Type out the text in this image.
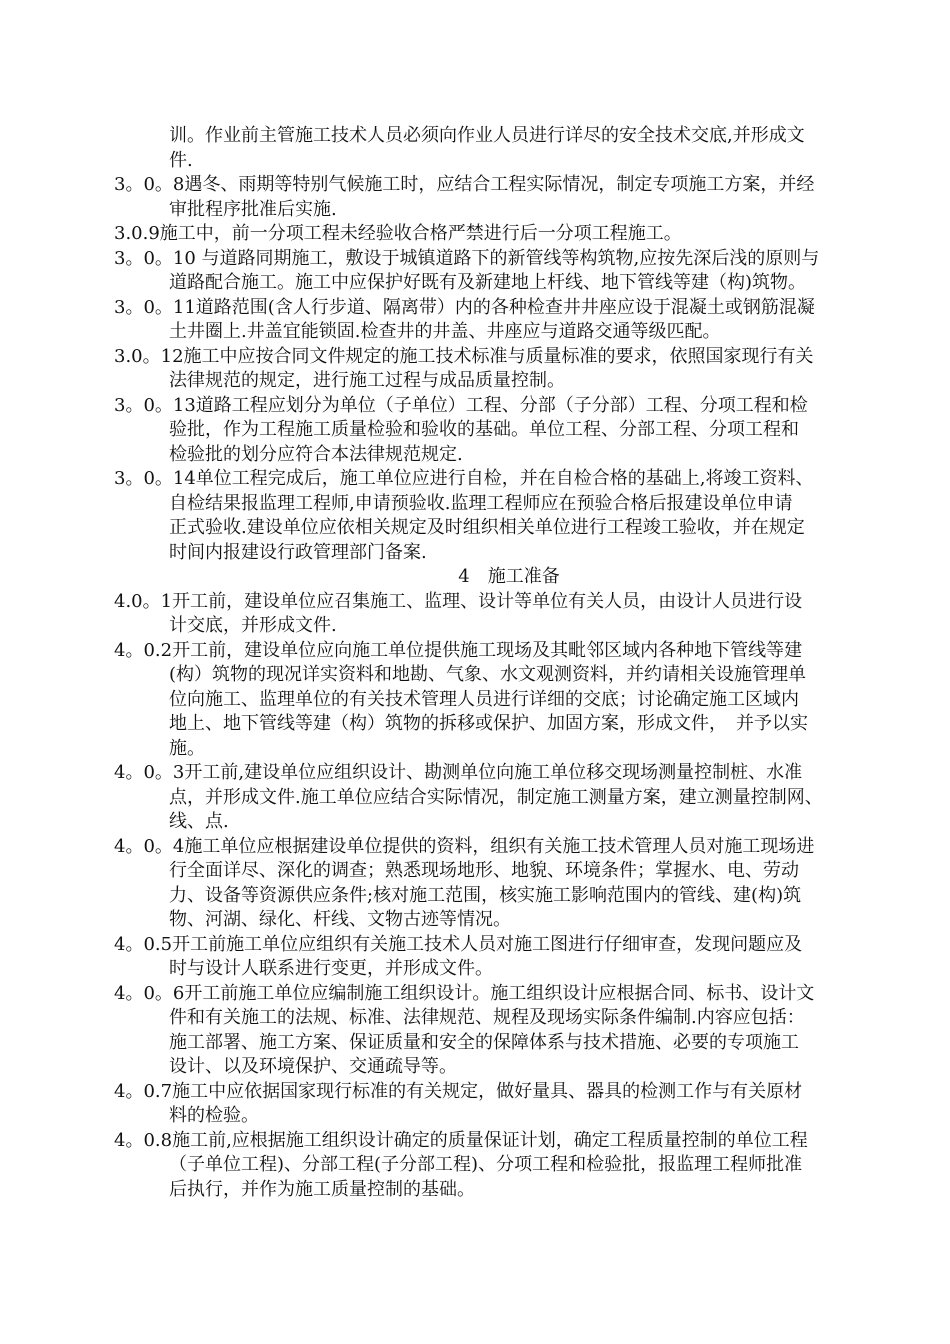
训。作业前主管施工技术人员必须向作业人员进行详尽的安全技术交底,并形成文
件.
3。0。8遇冬、雨期等特别气候施工时，应结合工程实际情况，制定专项施工方案，并经
审批程序批准后实施.
3.0.9施工中，前一分项工程未经验收合格严禁进行后一分项工程施工。
3。0。10 与道路同期施工，敷设于城镇道路下的新管线等构筑物,应按先深后浅的原则与
道路配合施工。施工中应保护好既有及新建地上杆线、地下管线等建（构)筑物。
3。0。11道路范围(含人行步道、隔离带）内的各种检查井井座应设于混凝土或钢筋混凝
土井圈上.井盖宜能锁固.检查井的井盖、井座应与道路交通等级匹配。
3.0。12施工中应按合同文件规定的施工技术标准与质量标准的要求，依照国家现行有关
法律规范的规定，进行施工过程与成品质量控制。
3。0。13道路工程应划分为单位（子单位）工程、分部（子分部）工程、分项工程和检
验批，作为工程施工质量检验和验收的基础。单位工程、分部工程、分项工程和
检验批的划分应符合本法律规范规定.
3。0。14单位工程完成后，施工单位应进行自检，并在自检合格的基础上,将竣工资料、
自检结果报监理工程师,申请预验收.监理工程师应在预验合格后报建设单位申请
正式验收.建设单位应依相关规定及时组织相关单位进行工程竣工验收，并在规定
时间内报建设行政管理部门备案.
4　施工准备
4.0。1开工前，建设单位应召集施工、监理、设计等单位有关人员，由设计人员进行设
计交底，并形成文件.
4。0.2开工前，建设单位应向施工单位提供施工现场及其毗邻区域内各种地下管线等建
(构）筑物的现况详实资料和地勘、气象、水文观测资料，并约请相关设施管理单
位向施工、监理单位的有关技术管理人员进行详细的交底；讨论确定施工区域内
地上、地下管线等建（构）筑物的拆移或保护、加固方案，形成文件，　并予以实
施。
4。0。3开工前,建设单位应组织设计、勘测单位向施工单位移交现场测量控制桩、水准
点，并形成文件.施工单位应结合实际情况，制定施工测量方案，建立测量控制网、
线、点.
4。0。4施工单位应根据建设单位提供的资料，组织有关施工技术管理人员对施工现场进
行全面详尽、深化的调查；熟悉现场地形、地貌、环境条件；掌握水、电、劳动
力、设备等资源供应条件;核对施工范围，核实施工影响范围内的管线、建(构)筑
物、河湖、绿化、杆线、文物古迹等情况。
4。0.5开工前施工单位应组织有关施工技术人员对施工图进行仔细审查，发现问题应及
时与设计人联系进行变更，并形成文件。
4。0。6开工前施工单位应编制施工组织设计。施工组织设计应根据合同、标书、设计文
件和有关施工的法规、标准、法律规范、规程及现场实际条件编制.内容应包括：
施工部署、施工方案、保证质量和安全的保障体系与技术措施、必要的专项施工
设计、以及环境保护、交通疏导等。
4。0.7施工中应依据国家现行标准的有关规定，做好量具、器具的检测工作与有关原材
料的检验。
4。0.8施工前,应根据施工组织设计确定的质量保证计划，确定工程质量控制的单位工程
（子单位工程)、分部工程(子分部工程)、分项工程和检验批，报监理工程师批准
后执行，并作为施工质量控制的基础。
